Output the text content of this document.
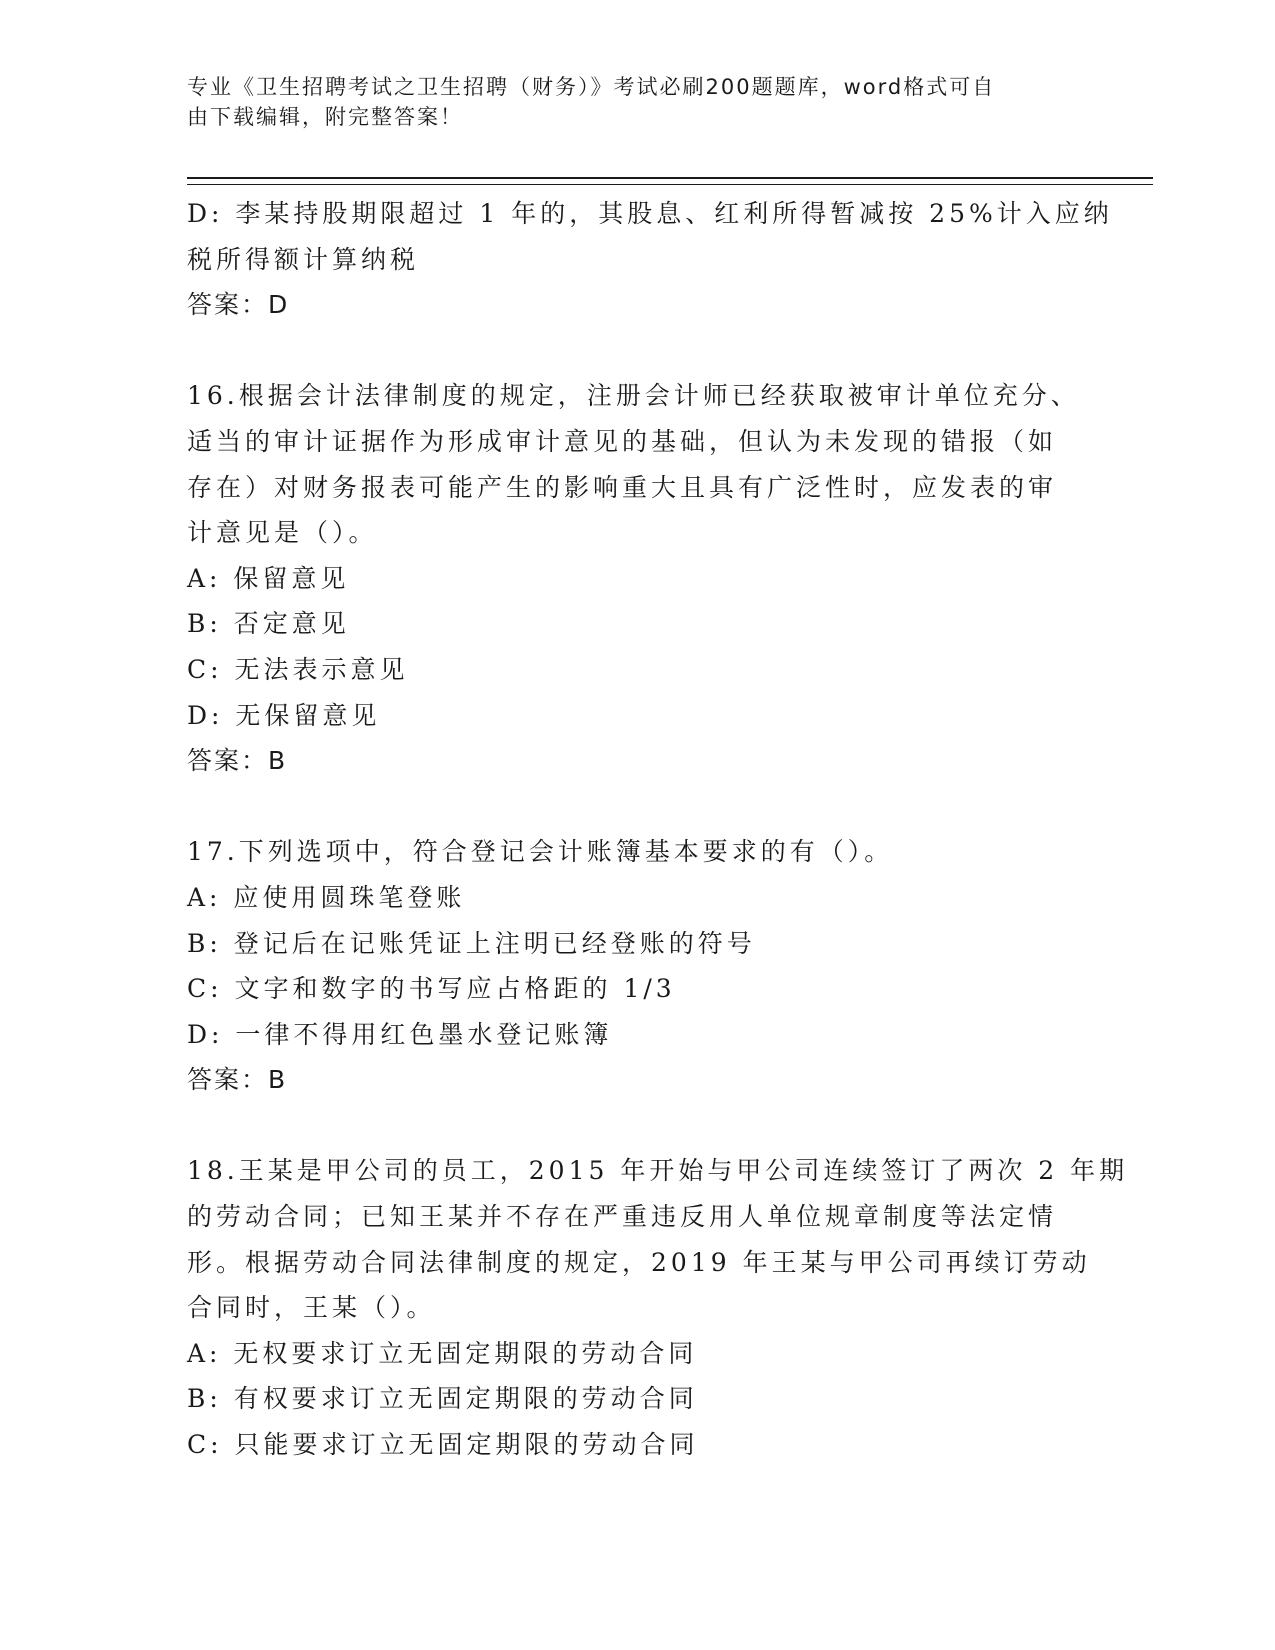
专业《卫生招聘考试之卫生招聘（财务）》考试必刷200题题库，word格式可自
由下载编辑，附完整答案！
D: 李某持股期限超过 1 年的，其股息、红利所得暂减按 25%计入应纳
税所得额计算纳税
答案：D
16.根据会计法律制度的规定，注册会计师已经获取被审计单位充分、
适当的审计证据作为形成审计意见的基础，但认为未发现的错报（如
存在）对财务报表可能产生的影响重大且具有广泛性时，应发表的审
计意见是（）。
A: 保留意见
B: 否定意见
C: 无法表示意见
D: 无保留意见
答案：B
17.下列选项中，符合登记会计账簿基本要求的有（）。
A: 应使用圆珠笔登账
B: 登记后在记账凭证上注明已经登账的符号
C: 文字和数字的书写应占格距的 1/3
D: 一律不得用红色墨水登记账簿
答案：B
18.王某是甲公司的员工，2015 年开始与甲公司连续签订了两次 2 年期
的劳动合同；已知王某并不存在严重违反用人单位规章制度等法定情
形。根据劳动合同法律制度的规定，2019 年王某与甲公司再续订劳动
合同时，王某（）。
A: 无权要求订立无固定期限的劳动合同
B: 有权要求订立无固定期限的劳动合同
C: 只能要求订立无固定期限的劳动合同
